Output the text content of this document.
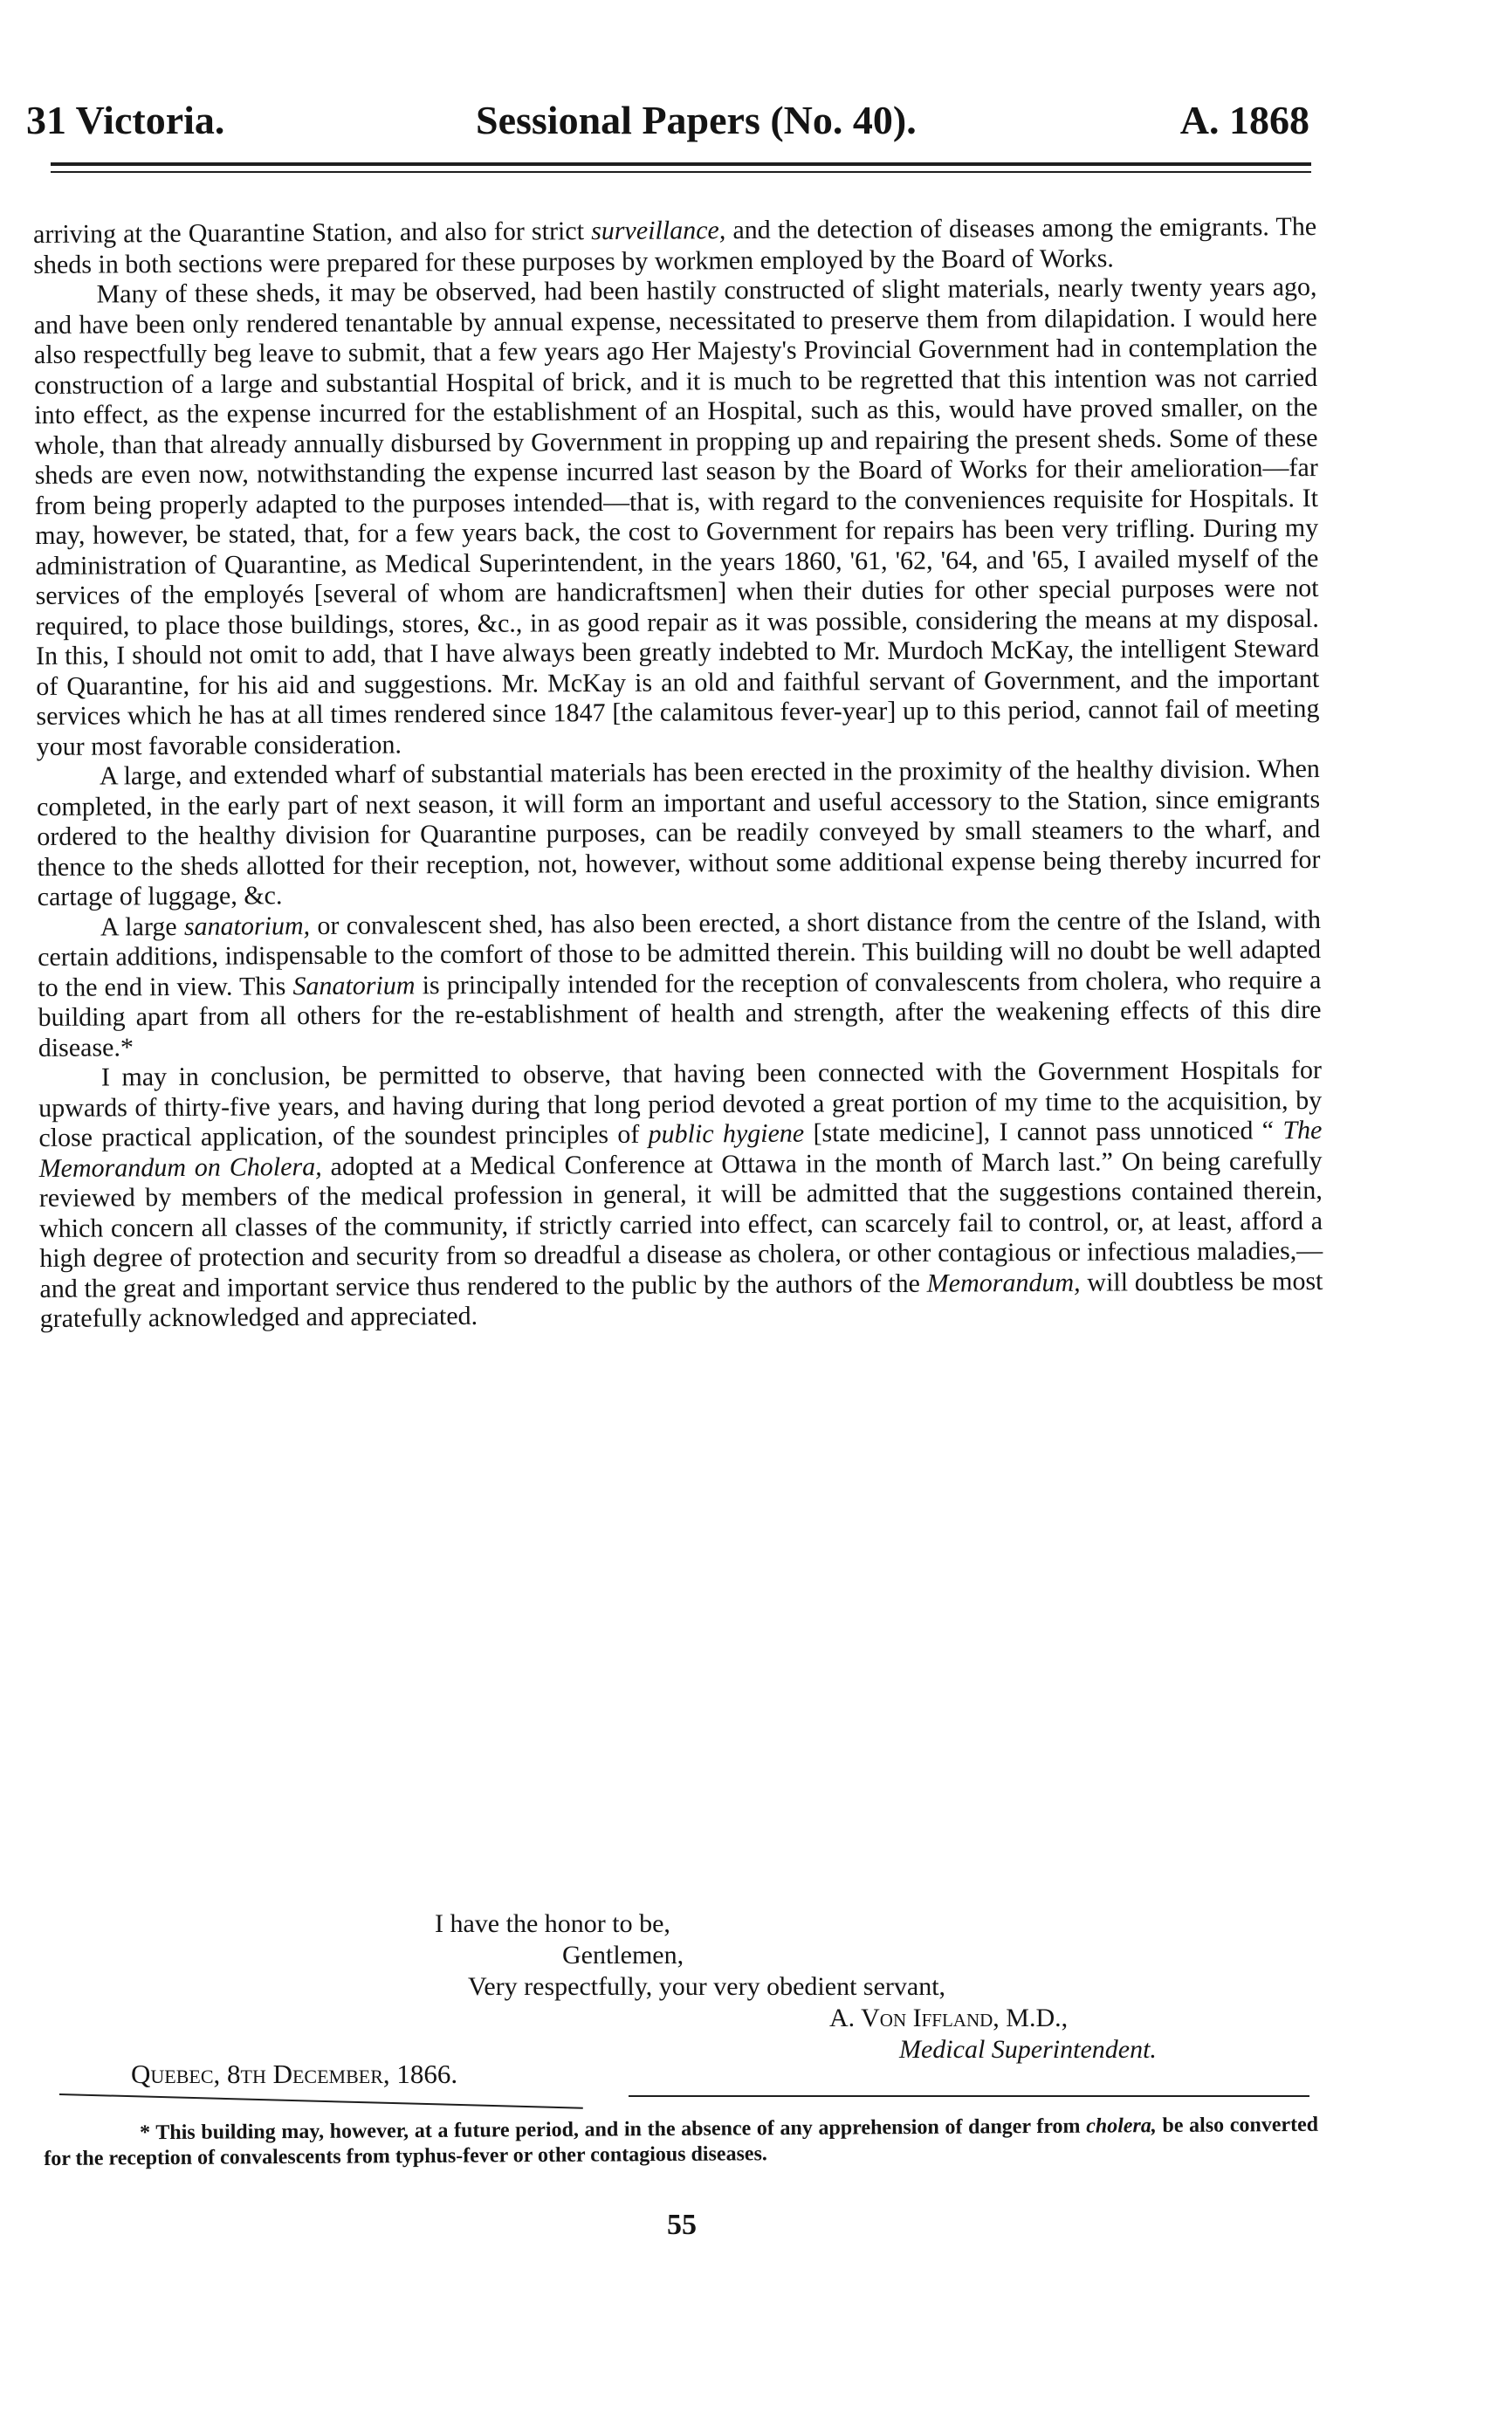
31 Victoria.	Sessional Papers (No. 40).	A. 1868

arriving at the Quarantine Station, and also for strict surveillance, and the detection of diseases among the emigrants. The sheds in both sections were prepared for these purposes by workmen employed by the Board of Works.

Many of these sheds, it may be observed, had been hastily constructed of slight materials, nearly twenty years ago, and have been only rendered tenantable by annual expense, necessitated to preserve them from dilapidation. I would here also respectfully beg leave to submit, that a few years ago Her Majesty's Provincial Government had in contemplation the construction of a large and substantial Hospital of brick, and it is much to be regretted that this intention was not carried into effect, as the expense incurred for the establishment of an Hospital, such as this, would have proved smaller, on the whole, than that already annually disbursed by Government in propping up and repairing the present sheds. Some of these sheds are even now, notwithstanding the expense incurred last season by the Board of Works for their amelioration—far from being properly adapted to the purposes intended—that is, with regard to the conveniences requisite for Hospitals. It may, however, be stated, that, for a few years back, the cost to Government for repairs has been very trifling. During my administration of Quarantine, as Medical Superintendent, in the years 1860, '61, '62, '64, and '65, I availed myself of the services of the employés [several of whom are handicraftsmen] when their duties for other special purposes were not required, to place those buildings, stores, &c., in as good repair as it was possible, considering the means at my disposal. In this, I should not omit to add, that I have always been greatly indebted to Mr. Murdoch McKay, the intelligent Steward of Quarantine, for his aid and suggestions. Mr. McKay is an old and faithful servant of Government, and the important services which he has at all times rendered since 1847 [the calamitous fever-year] up to this period, cannot fail of meeting your most favorable consideration.

A large, and extended wharf of substantial materials has been erected in the proximity of the healthy division. When completed, in the early part of next season, it will form an important and useful accessory to the Station, since emigrants ordered to the healthy division for Quarantine purposes, can be readily conveyed by small steamers to the wharf, and thence to the sheds allotted for their reception, not, however, without some additional expense being thereby incurred for cartage of luggage, &c.

A large sanatorium, or convalescent shed, has also been erected, a short distance from the centre of the Island, with certain additions, indispensable to the comfort of those to be admitted therein. This building will no doubt be well adapted to the end in view. This Sanatorium is principally intended for the reception of convalescents from cholera, who require a building apart from all others for the re-establishment of health and strength, after the weakening effects of this dire disease.*

I may in conclusion, be permitted to observe, that having been connected with the Government Hospitals for upwards of thirty-five years, and having during that long period devoted a great portion of my time to the acquisition, by close practical application, of the soundest principles of public hygiene [state medicine], I cannot pass unnoticed “ The Memorandum on Cholera, adopted at a Medical Conference at Ottawa in the month of March last.” On being carefully reviewed by members of the medical profession in general, it will be admitted that the suggestions contained therein, which concern all classes of the community, if strictly carried into effect, can scarcely fail to control, or, at least, afford a high degree of protection and security from so dreadful a disease as cholera, or other contagious or infectious maladies,—and the great and important service thus rendered to the public by the authors of the Memorandum, will doubtless be most gratefully acknowledged and appreciated.

I have the honor to be,
Gentlemen,
Very respectfully, your very obedient servant,
A. Von Iffland, M.D.,
Medical Superintendent.
Quebec, 8th December, 1866.

* This building may, however, at a future period, and in the absence of any apprehension of danger from cholera, be also converted for the reception of convalescents from typhus-fever or other contagious diseases.

55
